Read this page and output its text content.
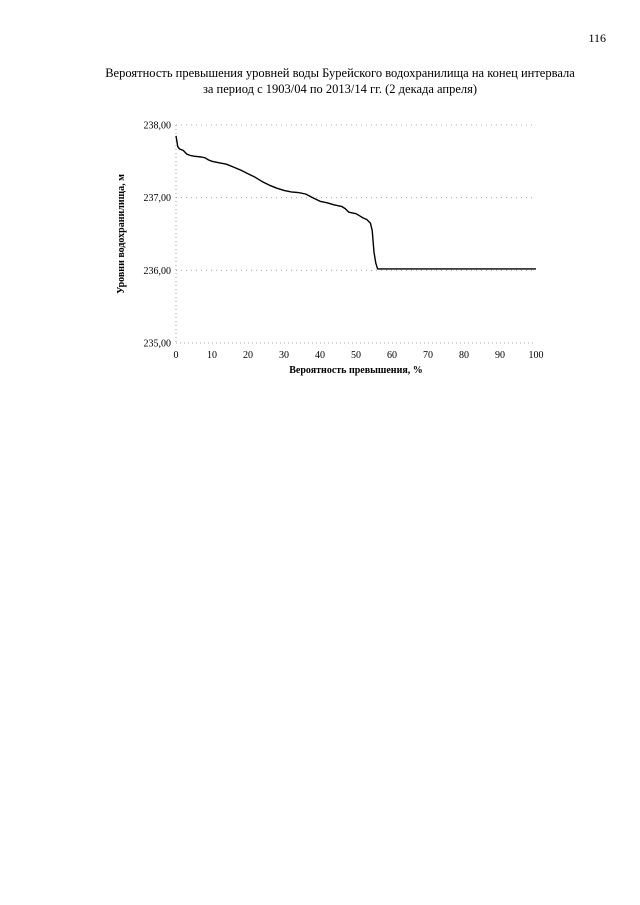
116
Вероятность превышения уровней воды Бурейского водохранилища на конец интервала
за период с 1903/04 по 2013/14 гг. (2 декада апреля)
238,00
237,00
236,00
235,00
0	10	20	30	40	50	60	70	80	90 100
Вероятность превышения, %
Уровни водохранилища, м
